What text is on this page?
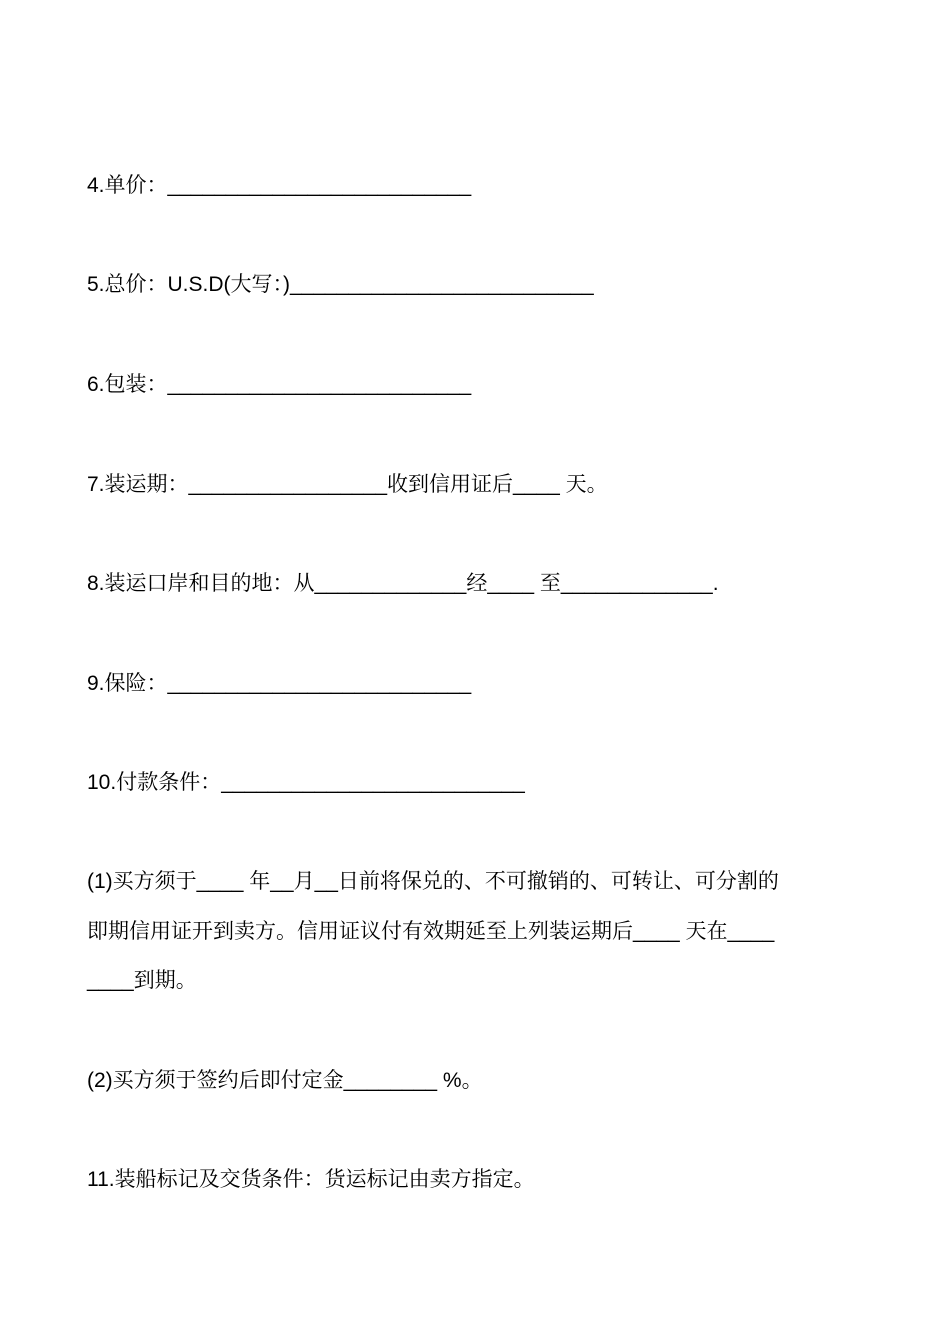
4.单价：__________________________
5.总价：U.S.D(大写：)__________________________
6.包装：__________________________
7.装运期：_________________收到信用证后____ 天。
8.装运口岸和目的地：从_____________经____ 至_____________.
9.保险：__________________________
10.付款条件：__________________________
(1)买方须于____ 年__月__日前将保兑的、不可撤销的、可转让、可分割的
即期信用证开到卖方。信用证议付有效期延至上列装运期后____ 天在____
____到期。
(2)买方须于签约后即付定金________ %。
11.装船标记及交货条件：货运标记由卖方指定。
